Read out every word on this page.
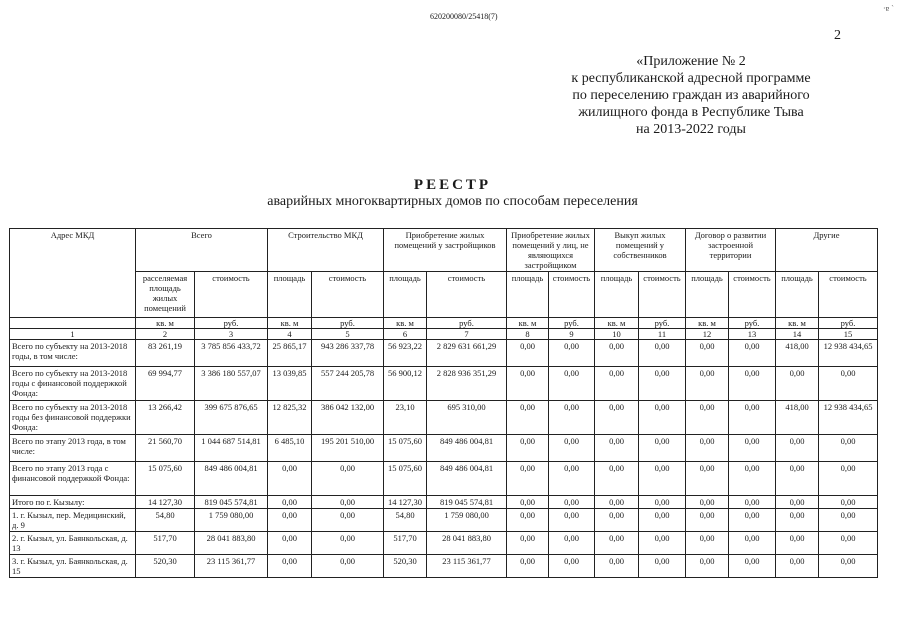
620200080/25418(7)
·ɐ `
2
«Приложение № 2
к республиканской адресной программе
по переселению граждан из аварийного
жилищного фонда в Республике Тыва
на 2013-2022 годы
РЕЕСТР
аварийных многоквартирных домов по способам переселения
Адрес МКД	Всего		Строительство МКД		Приобретение жилых помещений у застройщиков		Приобретение жилых помещений у лиц, не являющихся застройщиком		Выкуп жилых помещений у собственников		Договор о развитии застроенной территории		Другие	
	расселяемая площадь жилых помещений	стоимость	площадь	стоимость	площадь	стоимость	площадь	стоимость	площадь	стоимость	площадь	стоимость	площадь	стоимость
	кв. м	руб.	кв. м	руб.	кв. м	руб.	кв. м	руб.	кв. м	руб.	кв. м	руб.	кв. м	руб.
1	2	3	4	5	6	7	8	9	10	11	12	13	14	15
Всего по субъекту на 2013-2018 годы, в том числе:	83 261,19	3 785 856 433,72	25 865,17	943 286 337,78	56 923,22	2 829 631 661,29	0,00	0,00	0,00	0,00	0,00	0,00	418,00	12 938 434,65
Всего по субъекту на 2013-2018 годы с финансовой поддержкой Фонда:	69 994,77	3 386 180 557,07	13 039,85	557 244 205,78	56 900,12	2 828 936 351,29	0,00	0,00	0,00	0,00	0,00	0,00	0,00	0,00
Всего по субъекту на 2013-2018 годы без финансовой поддержки Фонда:	13 266,42	399 675 876,65	12 825,32	386 042 132,00	23,10	695 310,00	0,00	0,00	0,00	0,00	0,00	0,00	418,00	12 938 434,65
Всего по этапу 2013 года, в том числе:	21 560,70	1 044 687 514,81	6 485,10	195 201 510,00	15 075,60	849 486 004,81	0,00	0,00	0,00	0,00	0,00	0,00	0,00	0,00
Всего по этапу 2013 года с финансовой поддержкой Фонда:	15 075,60	849 486 004,81	0,00	0,00	15 075,60	849 486 004,81	0,00	0,00	0,00	0,00	0,00	0,00	0,00	0,00
Итого по г. Кызылу:	14 127,30	819 045 574,81	0,00	0,00	14 127,30	819 045 574,81	0,00	0,00	0,00	0,00	0,00	0,00	0,00	0,00
1. г. Кызыл, пер. Медицинский, д. 9	54,80	1 759 080,00	0,00	0,00	54,80	1 759 080,00	0,00	0,00	0,00	0,00	0,00	0,00	0,00	0,00
2. г. Кызыл, ул. Баянкольская, д. 13	517,70	28 041 883,80	0,00	0,00	517,70	28 041 883,80	0,00	0,00	0,00	0,00	0,00	0,00	0,00	0,00
3. г. Кызыл, ул. Баянкольская, д. 15	520,30	23 115 361,77	0,00	0,00	520,30	23 115 361,77	0,00	0,00	0,00	0,00	0,00	0,00	0,00	0,00
